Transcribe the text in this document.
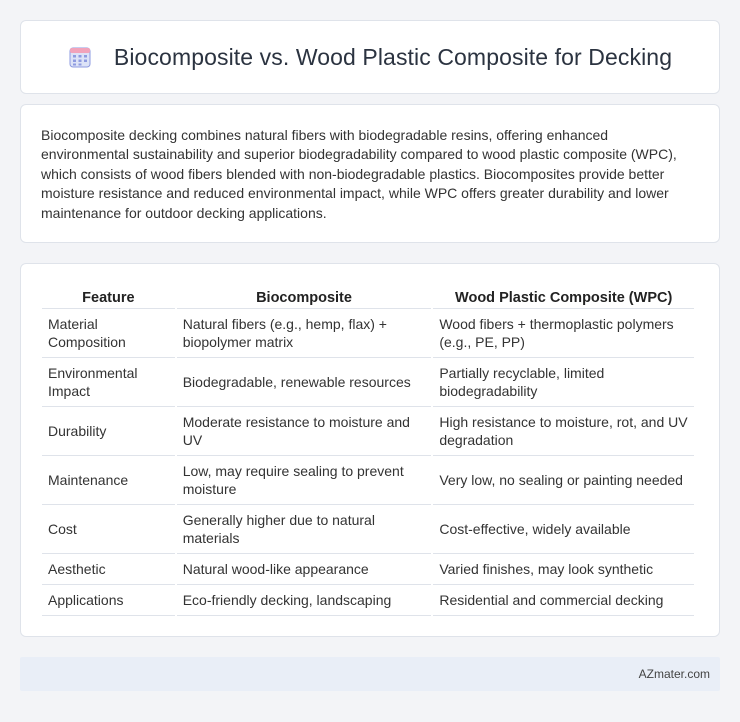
Biocomposite vs. Wood Plastic Composite for Decking

Biocomposite decking combines natural fibers with biodegradable resins, offering enhanced environmental sustainability and superior biodegradability compared to wood plastic composite (WPC), which consists of wood fibers blended with non-biodegradable plastics. Biocomposites provide better moisture resistance and reduced environmental impact, while WPC offers greater durability and lower maintenance for outdoor decking applications.

Feature	Biocomposite	Wood Plastic Composite (WPC)
Material Composition	Natural fibers (e.g., hemp, flax) + biopolymer matrix	Wood fibers + thermoplastic polymers (e.g., PE, PP)
Environmental Impact	Biodegradable, renewable resources	Partially recyclable, limited biodegradability
Durability	Moderate resistance to moisture and UV	High resistance to moisture, rot, and UV degradation
Maintenance	Low, may require sealing to prevent moisture	Very low, no sealing or painting needed
Cost	Generally higher due to natural materials	Cost-effective, widely available
Aesthetic	Natural wood-like appearance	Varied finishes, may look synthetic
Applications	Eco-friendly decking, landscaping	Residential and commercial decking
AZmater.com
